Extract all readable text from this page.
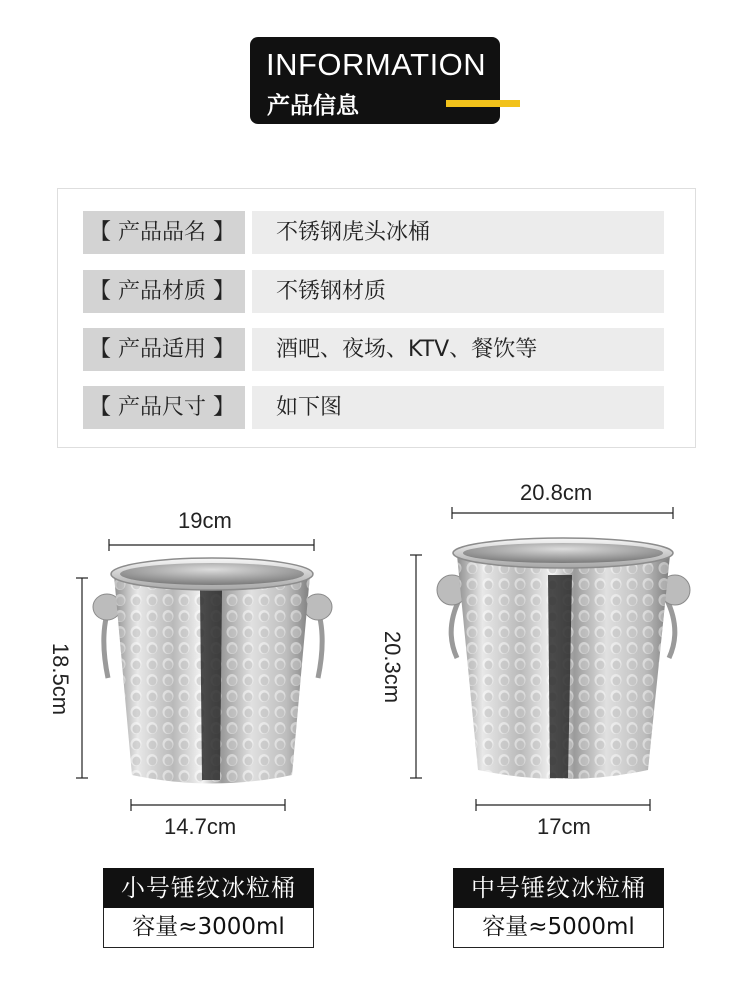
INFORMATION
产品信息
【 产品品名 】	不锈钢虎头冰桶
【 产品材质 】	不锈钢材质
【 产品适用 】	酒吧、夜场、KTV、餐饮等
【 产品尺寸 】	如下图
19cm
18.5cm
14.7cm
20.8cm
20.3cm
17cm
小号锤纹冰粒桶
容量≈3000ml
中号锤纹冰粒桶
容量≈5000ml
